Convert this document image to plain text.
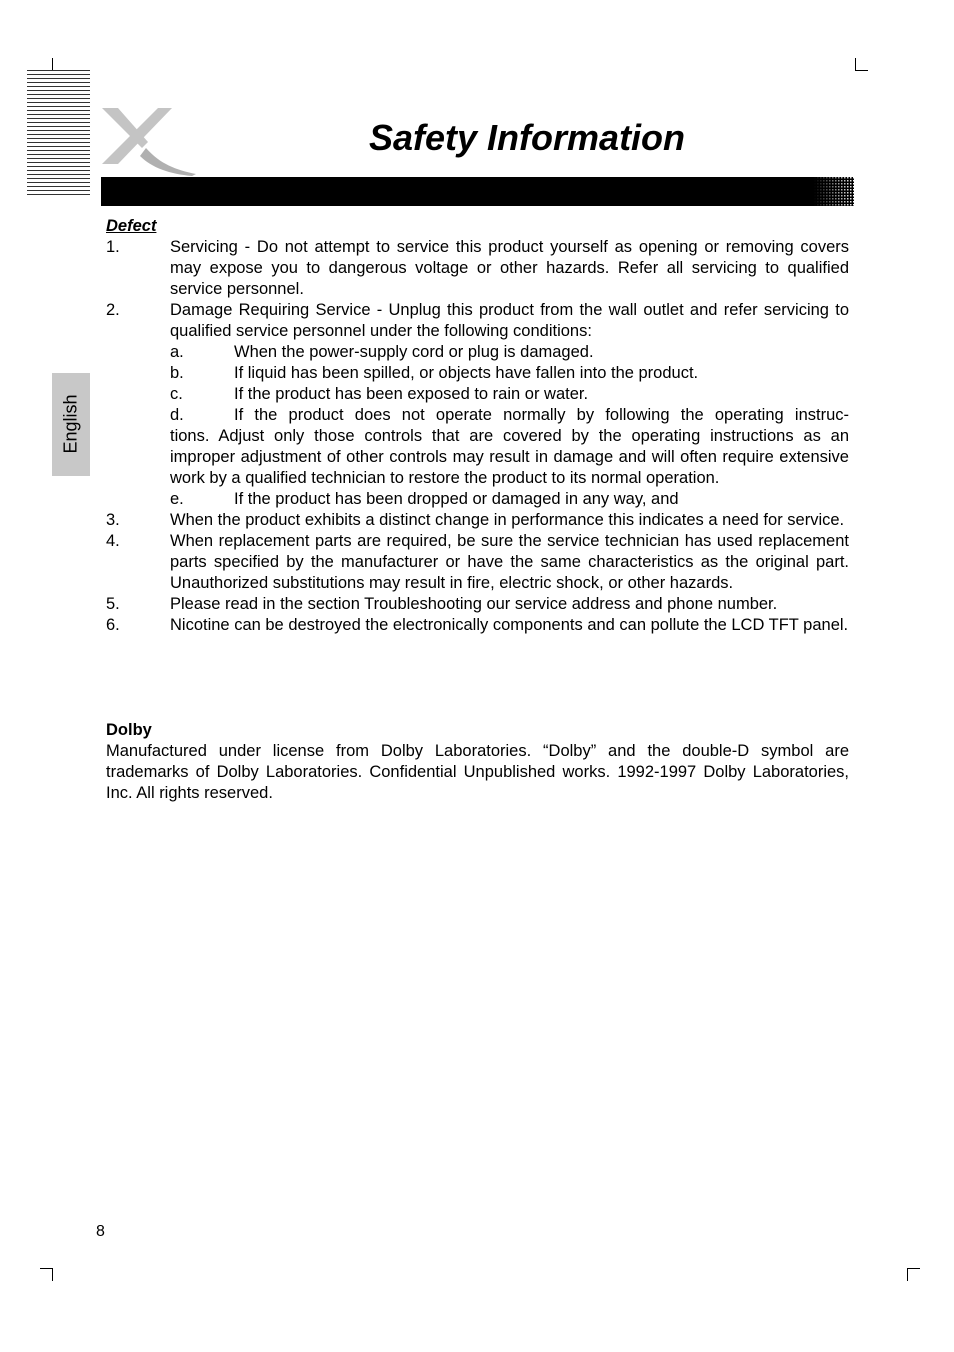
Safety Information
English
Defect
1.	Servicing - Do not attempt to service this product yourself as opening or removing covers may expose you to dangerous voltage or other hazards. Refer all servicing to qualified service personnel.
2.	Damage Requiring Service - Unplug this product from the wall outlet and refer servicing to qualified service personnel under the following conditions:
a.	When the power-supply cord or plug is damaged.
b.	If liquid has been spilled, or objects have fallen into the product.
c.	If the product has been exposed to rain or water.
d.	If the product does not operate normally by following the operating instruc-
tions. Adjust only those controls that are covered by the operating instructions as an improper adjustment of other controls may result in damage and will often require extensive work by a qualified technician to restore the product to its normal operation.
e.	If the product has been dropped or damaged in any way, and
3.	When the product exhibits a distinct change in performance this indicates a need for service.
4.	When replacement parts are required, be sure the service technician has used replacement parts specified by the manufacturer or have the same characteristics as the original part. Unauthorized substitutions may result in fire, electric shock, or other hazards.
5.	Please read in the section Troubleshooting our service address and phone number.
6.	Nicotine can be destroyed the electronically components and can pollute the LCD TFT panel.
Dolby
Manufactured under license from Dolby Laboratories. “Dolby” and the double-D symbol are trademarks of Dolby Laboratories. Confidential Unpublished works. 1992-1997 Dolby Laboratories, Inc. All rights reserved.
8
